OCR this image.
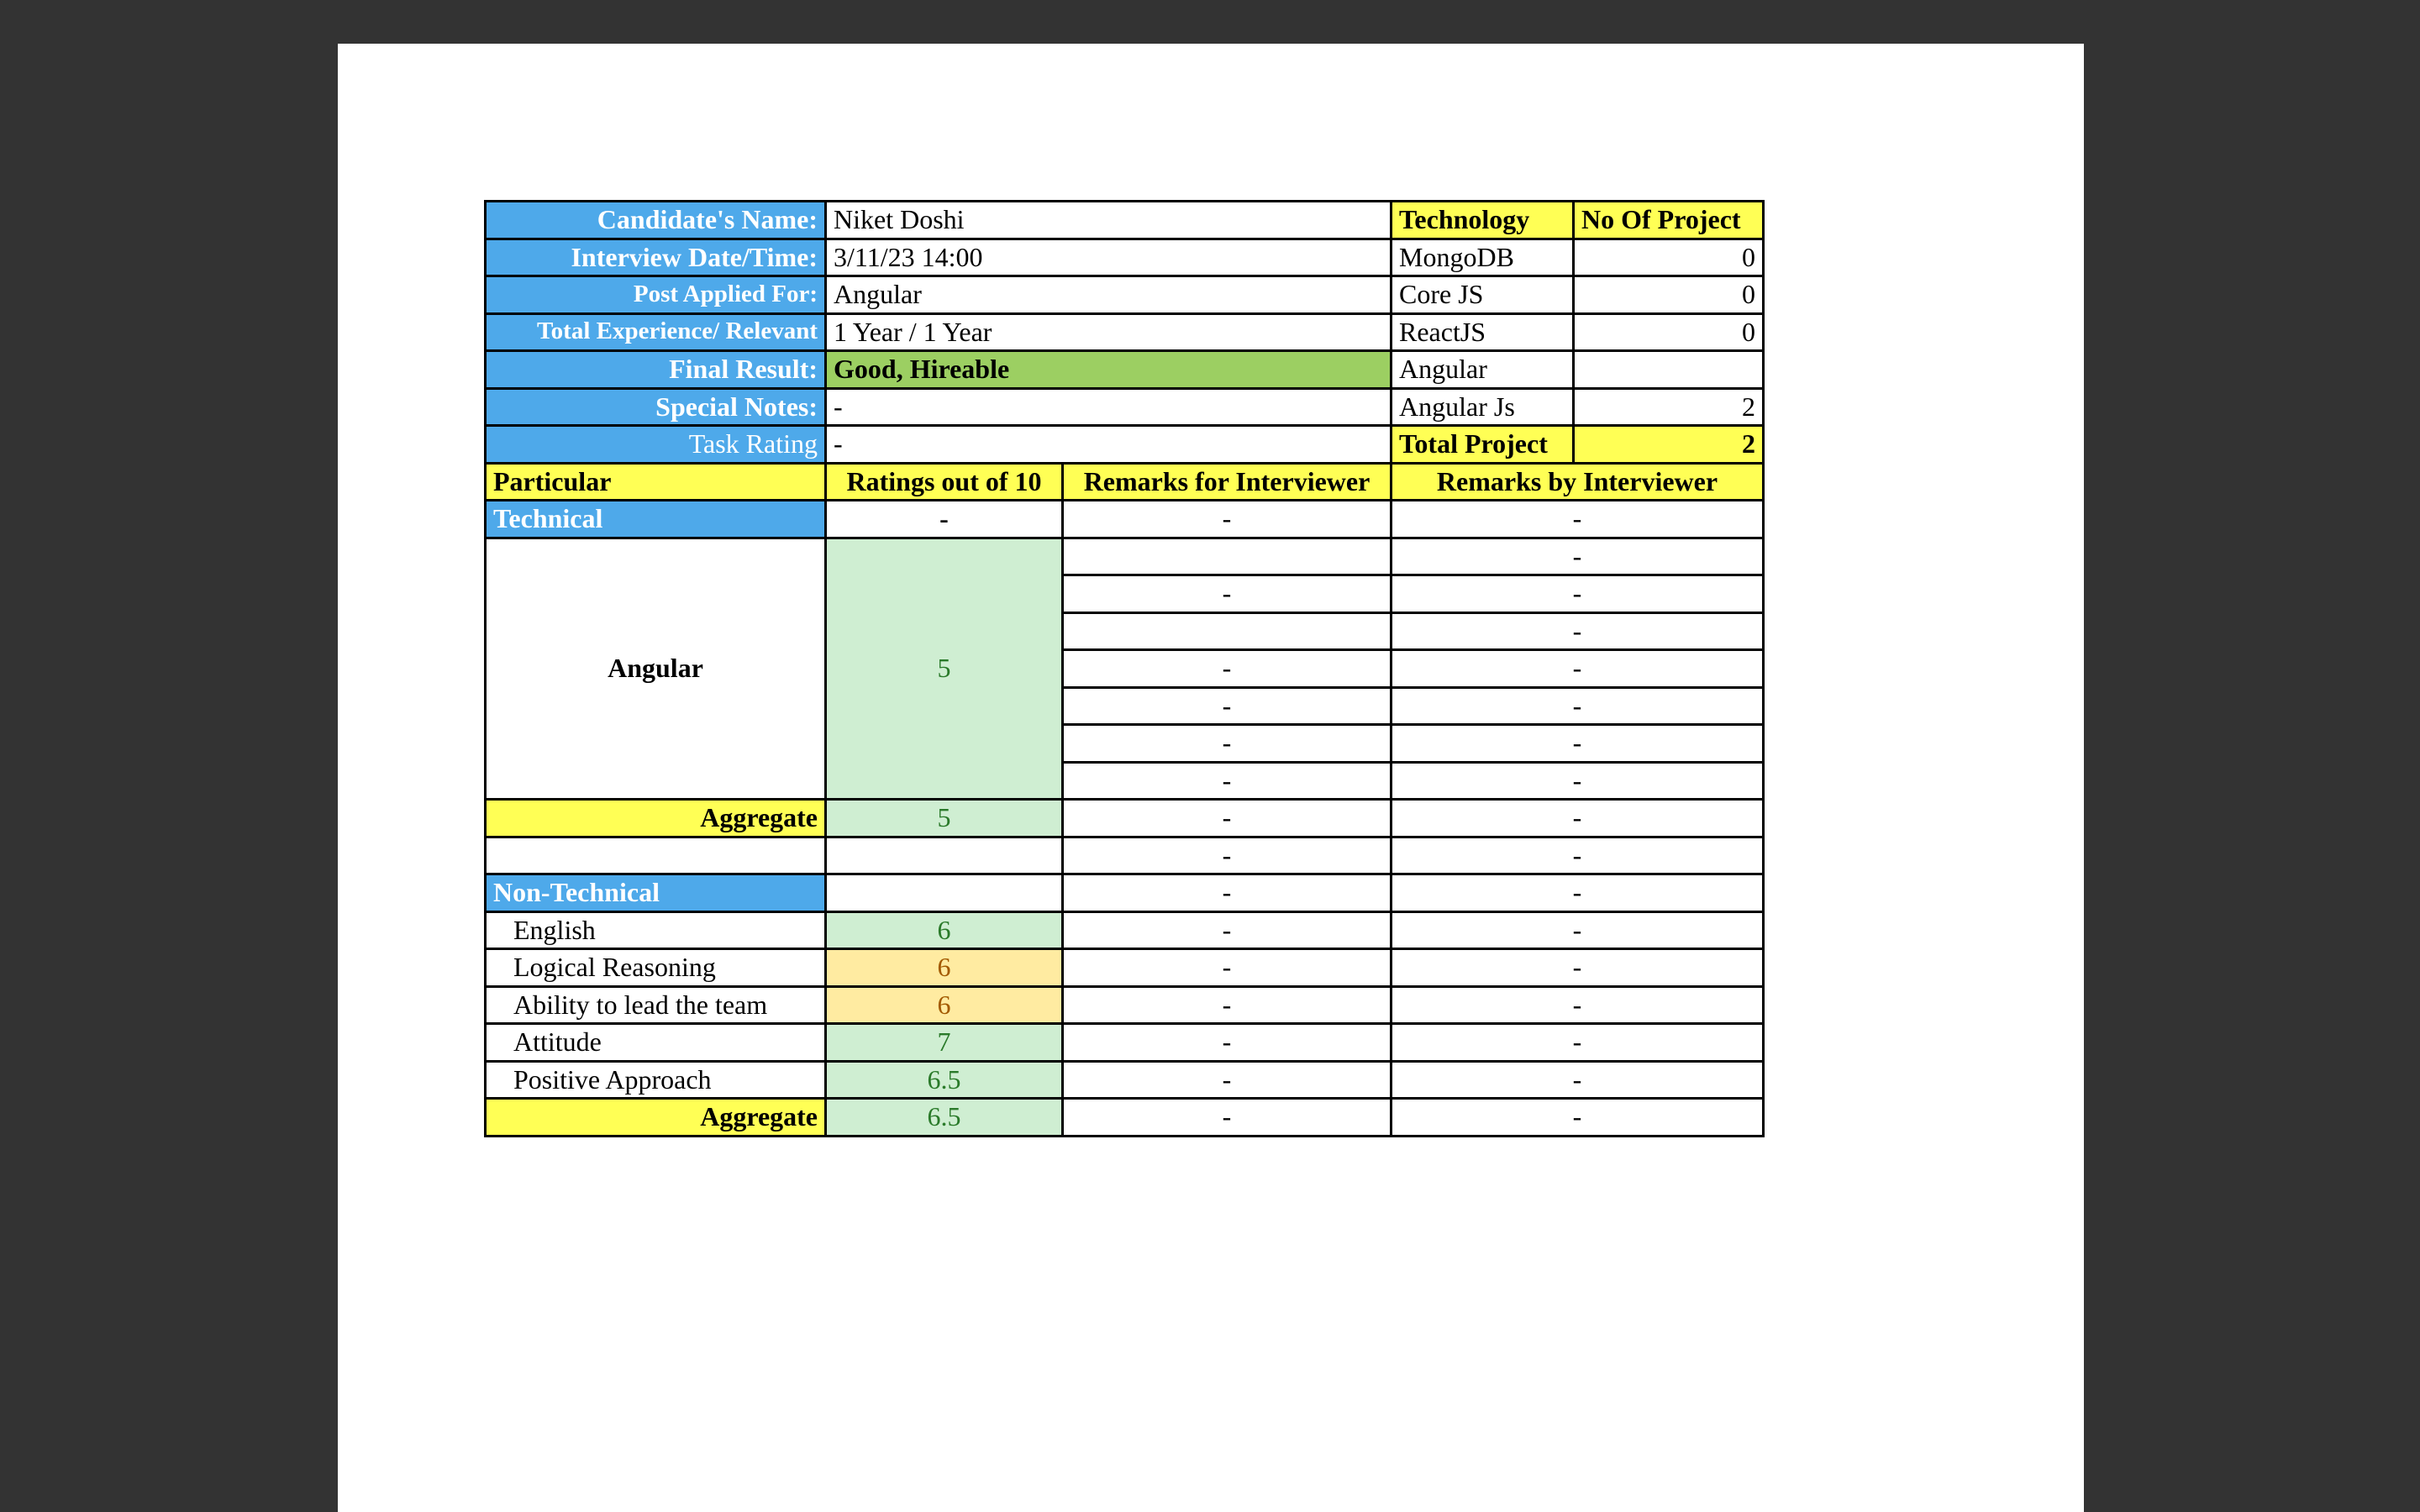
Candidate's Name:	Niket Doshi		Technology	No Of Project
Interview Date/Time:	3/11/23 14:00		MongoDB	0
Post Applied For:	Angular		Core JS	0
Total Experience/ Relevant	1 Year / 1 Year		ReactJS	0
Final Result:	Good, Hireable		Angular	
Special Notes:	-		Angular Js	2
Task Rating	-		Total Project	2
Particular	Ratings out of 10	Remarks for Interviewer	Remarks by Interviewer	
Technical	-	-	-	
Angular	5		-	
		-	-	
			-	
		-	-	
		-	-	
		-	-	
		-	-	
Aggregate	5	-	-	
		-	-	
Non-Technical		-	-	
English	6	-	-	
Logical Reasoning	6	-	-	
Ability to lead the team	6	-	-	
Attitude	7	-	-	
Positive Approach	6.5	-	-	
Aggregate	6.5	-	-	
